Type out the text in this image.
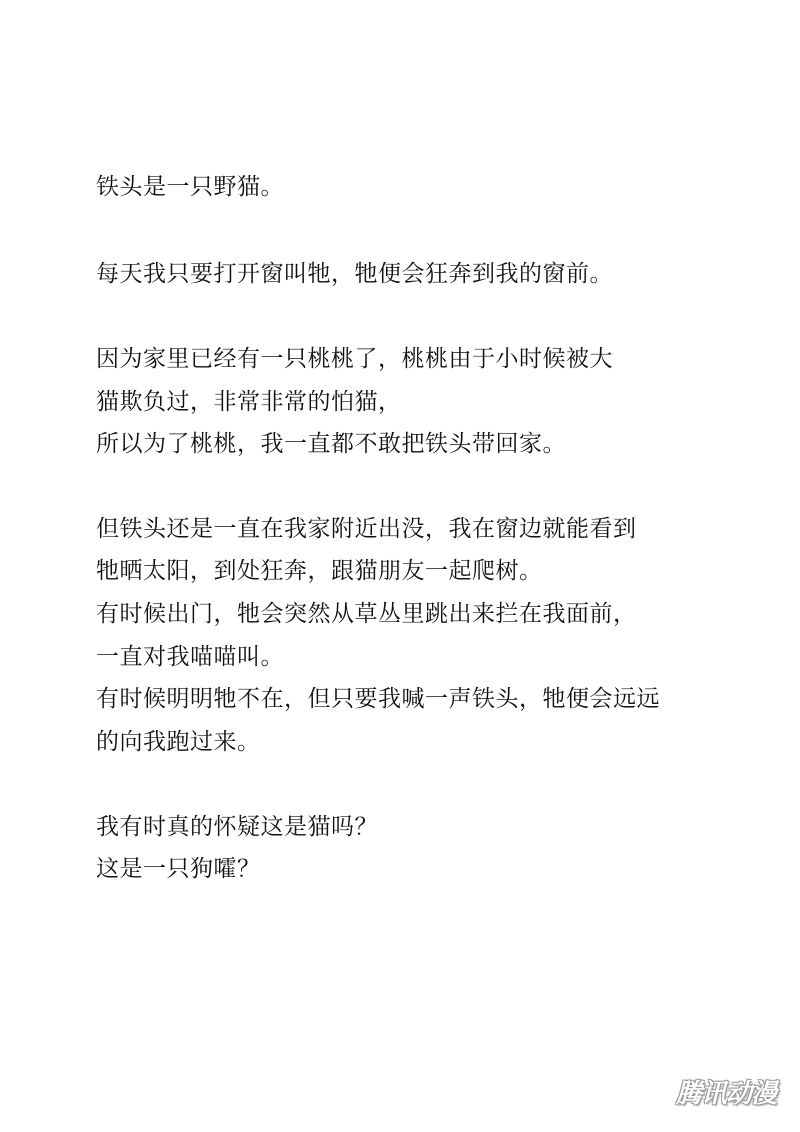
铁头是一只野猫。
每天我只要打开窗叫牠，牠便会狂奔到我的窗前。
因为家里已经有一只桃桃了，桃桃由于小时候被大
猫欺负过，非常非常的怕猫，
所以为了桃桃，我一直都不敢把铁头带回家。
但铁头还是一直在我家附近出没，我在窗边就能看到
牠晒太阳，到处狂奔，跟猫朋友一起爬树。
有时候出门，牠会突然从草丛里跳出来拦在我面前，
一直对我喵喵叫。
有时候明明牠不在，但只要我喊一声铁头，牠便会远远
的向我跑过来。
我有时真的怀疑这是猫吗？
这是一只狗嚯？
腾讯动漫
